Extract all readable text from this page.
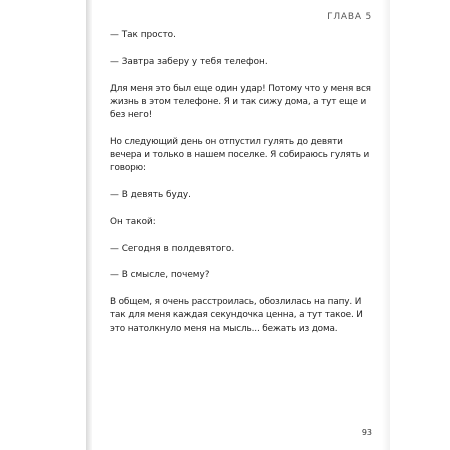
ГЛАВА 5

— Так просто.

— Завтра заберу у тебя телефон.

Для меня это был еще один удар! Потому что у меня вся жизнь в этом телефоне. Я и так сижу дома, а тут еще и без него!

Но следующий день он отпустил гулять до девяти вечера и только в нашем поселке. Я собираюсь гулять и говорю:

— В девять буду.

Он такой:

— Сегодня в полдевятого.

— В смысле, почему?

В общем, я очень расстроилась, обозлилась на папу. И так для меня каждая секундочка ценна, а тут такое. И это натолкнуло меня на мысль... бежать из дома.

93
